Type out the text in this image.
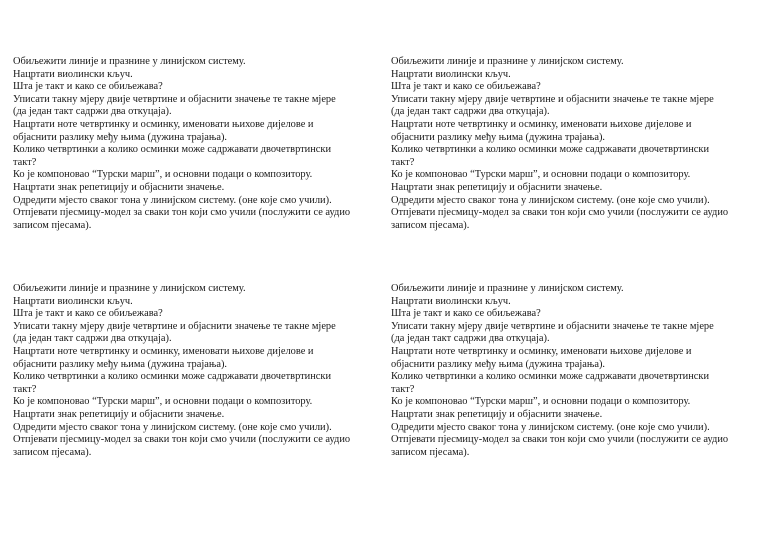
Обиљежити линије и празнине у линијском систему.
Нацртати виолински кључ.
Шта је такт и како се обиљежава?
Уписати такну мјеру двије четвртине и објаснити значење те такне мјере
(да један такт садржи два откуцаја).
Нацртати ноте четвртинку и осминку, именовати њихове дијелове и
објаснити разлику међу њима (дужина трајања).
Колико четвртинки а колико осминки може садржавати двочетвртински
такт?
Ко је компоновао “Турски марш”, и основни подаци о композитору.
Нацртати знак репетицију и објаснити значење.
Одредити мјесто сваког тона у линијском систему. (оне које смо учили).
Отпјевати пјесмицу-модел за сваки тон који смо учили (послужити се аудио
записом пјесама).
Обиљежити линије и празнине у линијском систему.
Нацртати виолински кључ.
Шта је такт и како се обиљежава?
Уписати такну мјеру двије четвртине и објаснити значење те такне мјере
(да један такт садржи два откуцаја).
Нацртати ноте четвртинку и осминку, именовати њихове дијелове и
објаснити разлику међу њима (дужина трајања).
Колико четвртинки а колико осминки може садржавати двочетвртински
такт?
Ко је компоновао “Турски марш”, и основни подаци о композитору.
Нацртати знак репетицију и објаснити значење.
Одредити мјесто сваког тона у линијском систему. (оне које смо учили).
Отпјевати пјесмицу-модел за сваки тон који смо учили (послужити се аудио
записом пјесама).
Обиљежити линије и празнине у линијском систему.
Нацртати виолински кључ.
Шта је такт и како се обиљежава?
Уписати такну мјеру двије четвртине и објаснити значење те такне мјере
(да један такт садржи два откуцаја).
Нацртати ноте четвртинку и осминку, именовати њихове дијелове и
објаснити разлику међу њима (дужина трајања).
Колико четвртинки а колико осминки може садржавати двочетвртински
такт?
Ко је компоновао “Турски марш”, и основни подаци о композитору.
Нацртати знак репетицију и објаснити значење.
Одредити мјесто сваког тона у линијском систему. (оне које смо учили).
Отпјевати пјесмицу-модел за сваки тон који смо учили (послужити се аудио
записом пјесама).
Обиљежити линије и празнине у линијском систему.
Нацртати виолински кључ.
Шта је такт и како се обиљежава?
Уписати такну мјеру двије четвртине и објаснити значење те такне мјере
(да један такт садржи два откуцаја).
Нацртати ноте четвртинку и осминку, именовати њихове дијелове и
објаснити разлику међу њима (дужина трајања).
Колико четвртинки а колико осминки може садржавати двочетвртински
такт?
Ко је компоновао “Турски марш”, и основни подаци о композитору.
Нацртати знак репетицију и објаснити значење.
Одредити мјесто сваког тона у линијском систему. (оне које смо учили).
Отпјевати пјесмицу-модел за сваки тон који смо учили (послужити се аудио
записом пјесама).
